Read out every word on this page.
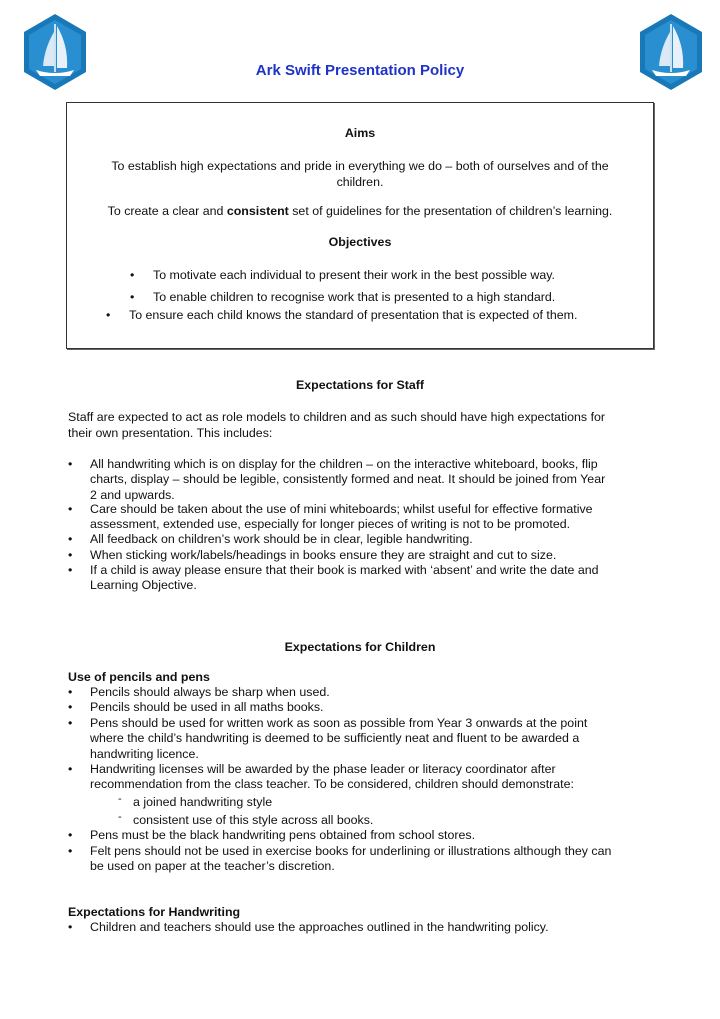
Ark Swift Presentation Policy
Aims
To establish high expectations and pride in everything we do – both of ourselves and of the
children.
To create a clear and consistent set of guidelines for the presentation of children’s learning.
Objectives
• To motivate each individual to present their work in the best possible way.
• To enable children to recognise work that is presented to a high standard.
• To ensure each child knows the standard of presentation that is expected of them.
Expectations for Staff
Staff are expected to act as role models to children and as such should have high expectations for
their own presentation. This includes:
• All handwriting which is on display for the children – on the interactive whiteboard, books, flip
charts, display – should be legible, consistently formed and neat. It should be joined from Year
2 and upwards.
• Care should be taken about the use of mini whiteboards; whilst useful for effective formative
assessment, extended use, especially for longer pieces of writing is not to be promoted.
• All feedback on children’s work should be in clear, legible handwriting.
• When sticking work/labels/headings in books ensure they are straight and cut to size.
• If a child is away please ensure that their book is marked with ‘absent’ and write the date and
Learning Objective.
Expectations for Children
Use of pencils and pens
• Pencils should always be sharp when used.
• Pencils should be used in all maths books.
• Pens should be used for written work as soon as possible from Year 3 onwards at the point
where the child’s handwriting is deemed to be sufficiently neat and fluent to be awarded a
handwriting licence.
• Handwriting licenses will be awarded by the phase leader or literacy coordinator after
recommendation from the class teacher. To be considered, children should demonstrate:
- a joined handwriting style
- consistent use of this style across all books.
• Pens must be the black handwriting pens obtained from school stores.
• Felt pens should not be used in exercise books for underlining or illustrations although they can
be used on paper at the teacher’s discretion.
Expectations for Handwriting
• Children and teachers should use the approaches outlined in the handwriting policy.
